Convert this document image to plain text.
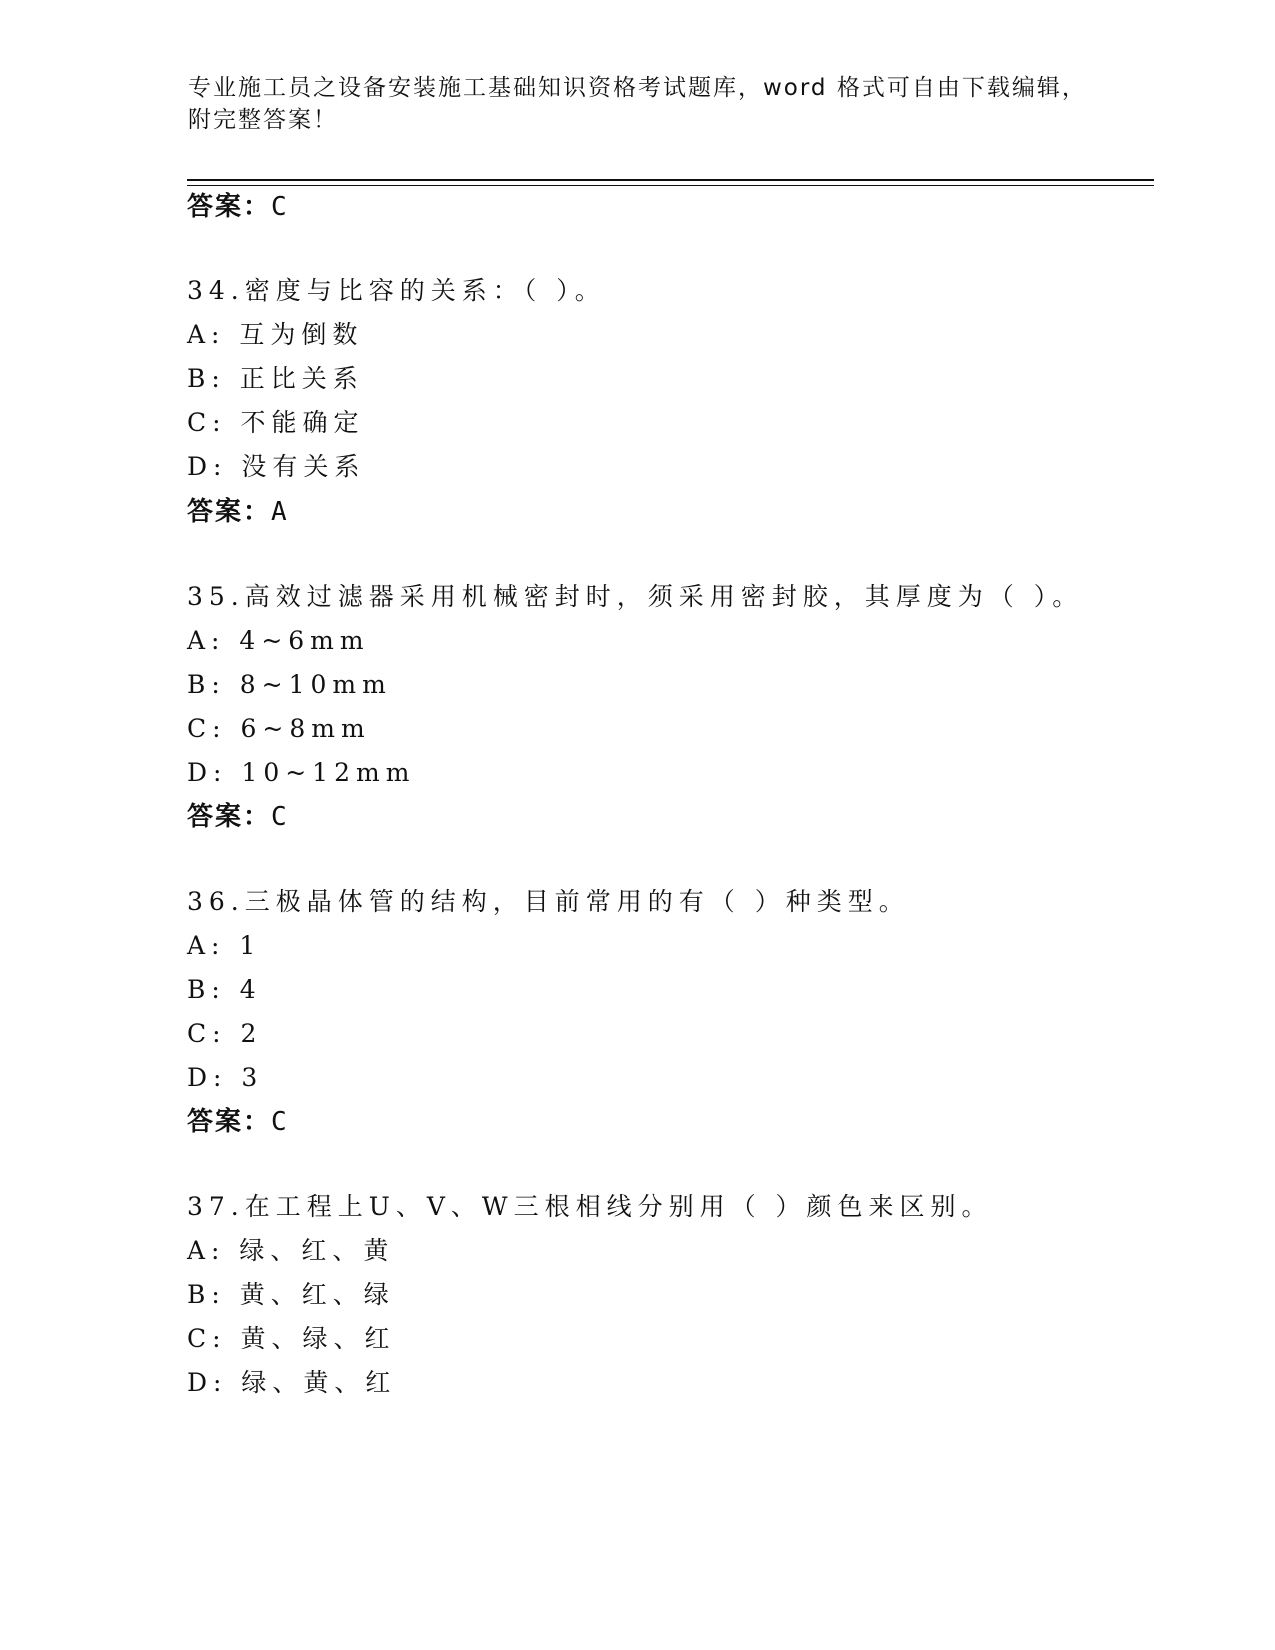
专业施工员之设备安装施工基础知识资格考试题库，word 格式可自由下载编辑，
附完整答案！
答案：C
34.密度与比容的关系：（ ）。
A: 互为倒数
B: 正比关系
C: 不能确定
D: 没有关系
答案：A
35.高效过滤器采用机械密封时，须采用密封胶，其厚度为（ ）。
A: 4~6mm
B: 8~10mm
C: 6~8mm
D: 10~12mm
答案：C
36.三极晶体管的结构，目前常用的有（ ）种类型。
A: 1
B: 4
C: 2
D: 3
答案：C
37.在工程上U、V、W三根相线分别用（ ）颜色来区别。
A: 绿、红、黄
B: 黄、红、绿
C: 黄、绿、红
D: 绿、黄、红
